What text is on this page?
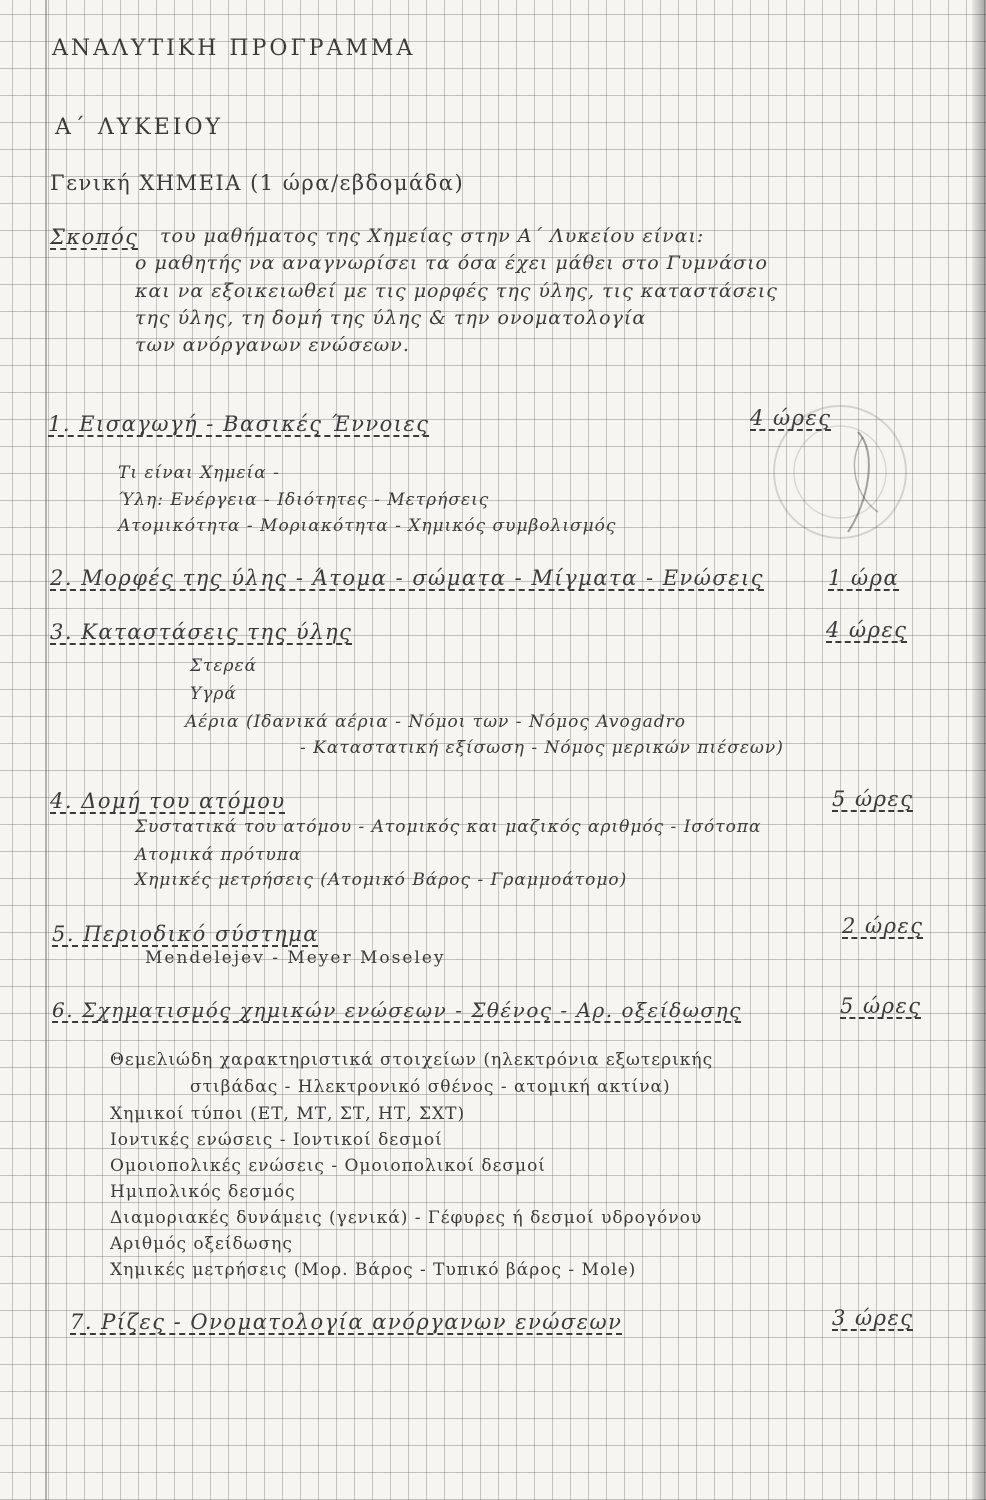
ΑΝΑΛΥΤΙΚΗ ΠΡΟΓΡΑΜΜΑ
Α΄ ΛΥΚΕΙΟΥ
Γενική ΧΗΜΕΙΑ (1 ώρα/εβδομάδα)
Σκοπός του μαθήματος της Χημείας στην Α΄ Λυκείου είναι:
ο μαθητής να αναγνωρίσει τα όσα έχει μάθει στο Γυμνάσιο
και να εξοικειωθεί με τις μορφές της ύλης, τις καταστάσεις
της ύλης, τη δομή της ύλης & την ονοματολογία
των ανόργανων ενώσεων.
1. Εισαγωγή - Βασικές Έννοιες	4 ώρες
Τι είναι Χημεία -
Ύλη: Ενέργεια - Ιδιότητες - Μετρήσεις
Ατομικότητα - Μοριακότητα - Χημικός συμβολισμός
2. Μορφές της ύλης - Άτομα - σώματα - Μίγματα - Ενώσεις	1 ώρα
3. Καταστάσεις της ύλης	4 ώρες
Στερεά
Υγρά
Αέρια (Ιδανικά αέρια - Νόμοι των - Νόμος Avogadro
- Καταστατική εξίσωση - Νόμος μερικών πιέσεων)
4. Δομή του ατόμου	5 ώρες
Συστατικά του ατόμου - Ατομικός και μαζικός αριθμός - Ισότοπα
Ατομικά πρότυπα
Χημικές μετρήσεις (Ατομικό Βάρος - Γραμμοάτομο)
5. Περιοδικό σύστημα	2 ώρες
Mendelejev - Meyer Moseley
6. Σχηματισμός χημικών ενώσεων - Σθένος - Αρ. οξείδωσης	5 ώρες
Θεμελιώδη χαρακτηριστικά στοιχείων (ηλεκτρόνια εξωτερικής
στιβάδας - Ηλεκτρονικό σθένος - ατομική ακτίνα)
Χημικοί τύποι (ΕΤ, ΜΤ, ΣΤ, ΗΤ, ΣΧΤ)
Ιοντικές ενώσεις - Ιοντικοί δεσμοί
Ομοιοπολικές ενώσεις - Ομοιοπολικοί δεσμοί
Ημιπολικός δεσμός
Διαμοριακές δυνάμεις (γενικά) - Γέφυρες ή δεσμοί υδρογόνου
Αριθμός οξείδωσης
Χημικές μετρήσεις (Μορ. Βάρος - Τυπικό βάρος - Mole)
7. Ρίζες - Ονοματολογία ανόργανων ενώσεων	3 ώρες
